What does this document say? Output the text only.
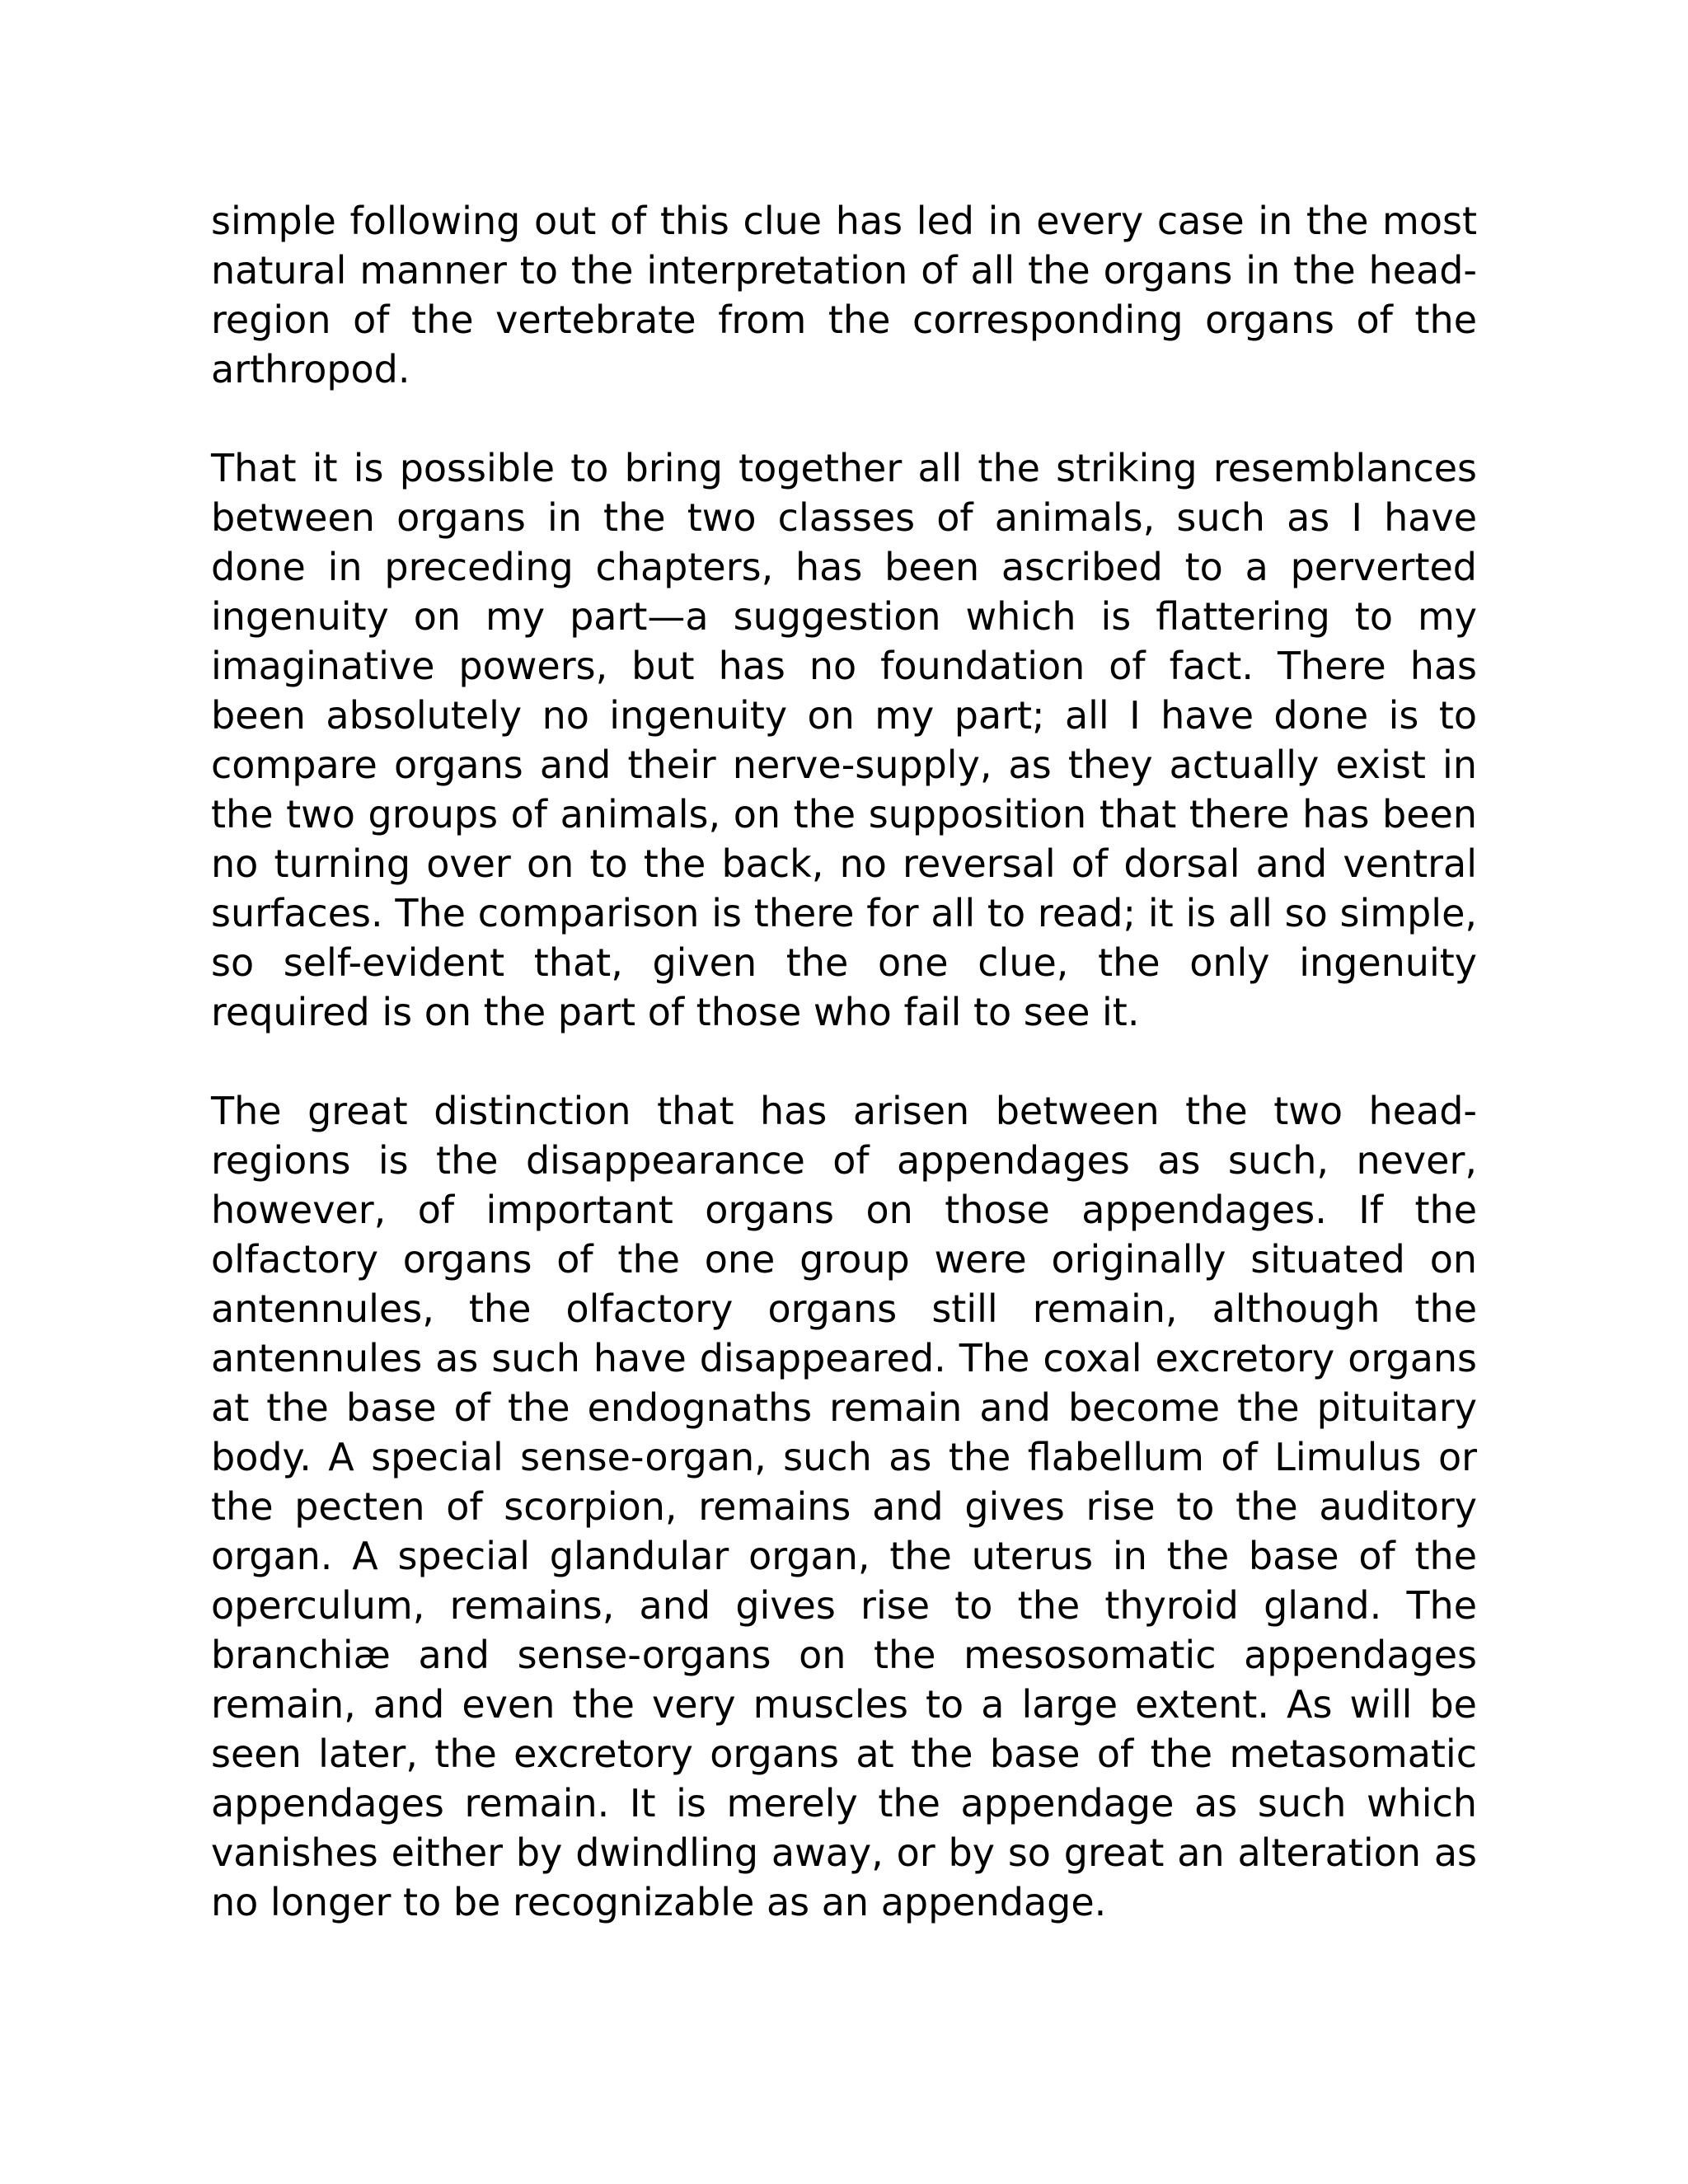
simple following out of this clue has led in every case in the most natural manner to the interpretation of all the organs in the head-region of the vertebrate from the corresponding organs of the arthropod.

That it is possible to bring together all the striking resemblances between organs in the two classes of animals, such as I have done in preceding chapters, has been ascribed to a perverted ingenuity on my part—a suggestion which is flattering to my imaginative powers, but has no foundation of fact. There has been absolutely no ingenuity on my part; all I have done is to compare organs and their nerve-supply, as they actually exist in the two groups of animals, on the supposition that there has been no turning over on to the back, no reversal of dorsal and ventral surfaces. The comparison is there for all to read; it is all so simple, so self-evident that, given the one clue, the only ingenuity required is on the part of those who fail to see it.

The great distinction that has arisen between the two head-regions is the disappearance of appendages as such, never, however, of important organs on those appendages. If the olfactory organs of the one group were originally situated on antennules, the olfactory organs still remain, although the antennules as such have disappeared. The coxal excretory organs at the base of the endognaths remain and become the pituitary body. A special sense-organ, such as the flabellum of Limulus or the pecten of scorpion, remains and gives rise to the auditory organ. A special glandular organ, the uterus in the base of the operculum, remains, and gives rise to the thyroid gland. The branchiæ and sense-organs on the mesosomatic appendages remain, and even the very muscles to a large extent. As will be seen later, the excretory organs at the base of the metasomatic appendages remain. It is merely the appendage as such which vanishes either by dwindling away, or by so great an alteration as no longer to be recognizable as an appendage.
